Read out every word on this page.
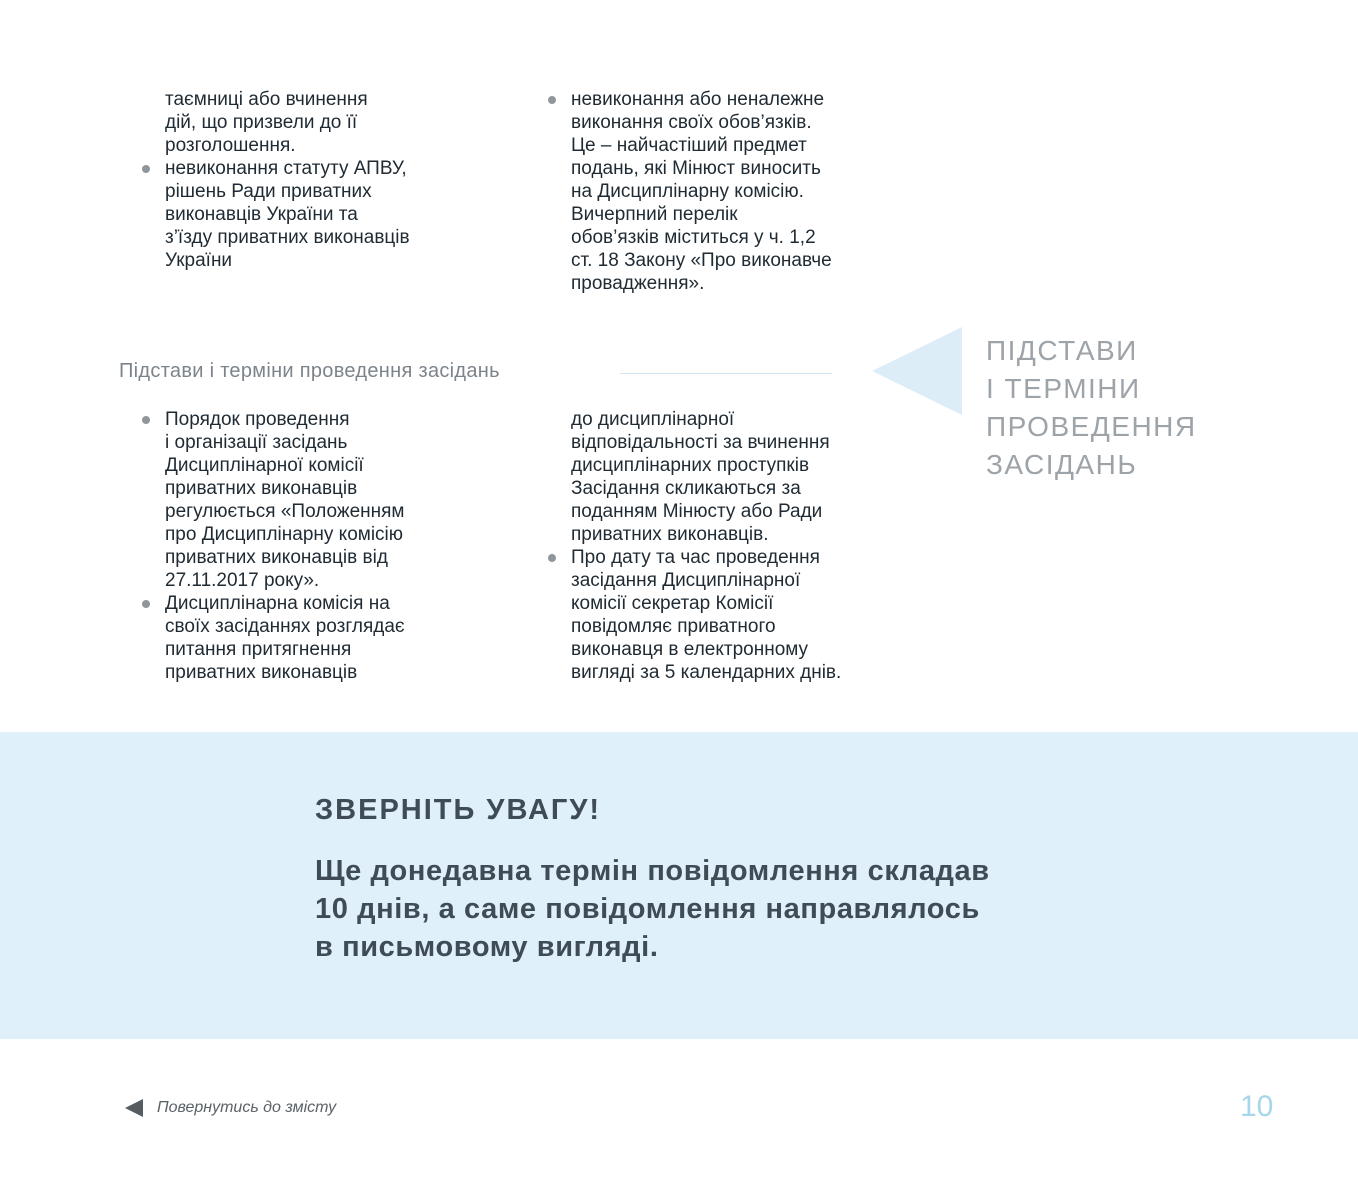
таємниці або вчинення
дій, що призвели до її
розголошення.

невиконання статуту АПВУ,
рішень Ради приватних
виконавців України та
з’їзду приватних виконавців
України

невиконання або неналежне
виконання своїх обов’язків.
Це – найчастіший предмет
подань, які Мінюст виносить
на Дисциплінарну комісію.
Вичерпний перелік
обов’язків міститься у ч. 1,2
ст. 18 Закону «Про виконавче
провадження».

Підстави і терміни проведення засідань
ПІДСТАВИ
І ТЕРМІНИ
ПРОВЕДЕННЯ
ЗАСІДАНЬ

Порядок проведення
і організації засідань
Дисциплінарної комісії
приватних виконавців
регулюється «Положенням
про Дисциплінарну комісію
приватних виконавців від
27.11.2017 року».

Дисциплінарна комісія на
своїх засіданнях розглядає
питання притягнення
приватних виконавців

до дисциплінарної
відповідальності за вчинення
дисциплінарних проступків
Засідання скликаються за
поданням Мінюсту або Ради
приватних виконавців.

Про дату та час проведення
засідання Дисциплінарної
комісії секретар Комісії
повідомляє приватного
виконавця в електронному
вигляді за 5 календарних днів.

ЗВЕРНІТЬ УВАГУ!
Ще донедавна термін повідомлення складав
10 днів, а саме повідомлення направлялось
в письмовому вигляді.
Повернутись до змісту	10
